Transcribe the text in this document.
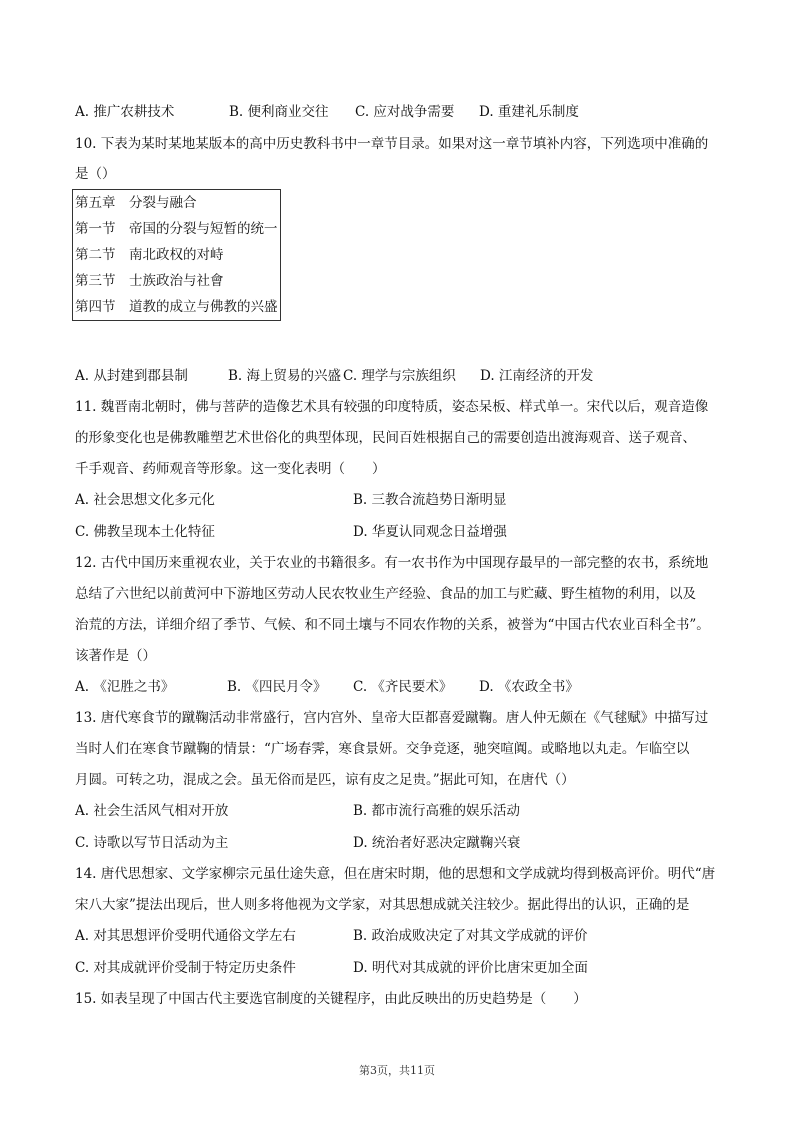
A. 推广农耕技术	B. 便利商业交往 C. 应对战争需要 D. 重建礼乐制度
10. 下表为某时某地某版本的高中历史教科书中一章节目录。如果对这一章节填补内容，下列选项中准确的
是（）
第五章　分裂与融合
第一节　帝国的分裂与短暂的统一
第二节　南北政权的对峙
第三节　士族政治与社會
第四节　道教的成立与佛教的兴盛
A. 从封建到郡县制	B. 海上贸易的兴盛 C. 理学与宗族组织 D. 江南经济的开发
11. 魏晋南北朝时，佛与菩萨的造像艺术具有较强的印度特质，姿态呆板、样式单一。宋代以后，观音造像
的形象变化也是佛教雕塑艺术世俗化的典型体现，民间百姓根据自己的需要创造出渡海观音、送子观音、
千手观音、药师观音等形象。这一变化表明（　　）
A. 社会思想文化多元化	B. 三教合流趋势日渐明显
C. 佛教呈现本土化特征	D. 华夏认同观念日益增强
12. 古代中国历来重视农业，关于农业的书籍很多。有一农书作为中国现存最早的一部完整的农书，系统地
总结了六世纪以前黄河中下游地区劳动人民农牧业生产经验、食品的加工与贮藏、野生植物的利用，以及
治荒的方法，详细介绍了季节、气候、和不同土壤与不同农作物的关系，被誉为“中国古代农业百科全书”。
该著作是（）
A. 《氾胜之书》	B. 《四民月令》 C. 《齐民要术》 D. 《农政全书》
13. 唐代寒食节的蹴鞠活动非常盛行，宫内宫外、皇帝大臣都喜爱蹴鞠。唐人仲无颇在《气毬赋》中描写过
当时人们在寒食节蹴鞠的情景：“广场春霁，寒食景妍。交争竞逐，驰突喧阗。或略地以丸走。乍临空以
月圆。可转之功，混成之会。虽无俗而是匹，谅有皮之足贵。”据此可知，在唐代（）
A. 社会生活风气相对开放	B. 都市流行高雅的娱乐活动
C. 诗歌以写节日活动为主	D. 统治者好恶决定蹴鞠兴衰
14. 唐代思想家、文学家柳宗元虽仕途失意，但在唐宋时期，他的思想和文学成就均得到极高评价。明代“唐
宋八大家”提法出现后，世人则多将他视为文学家，对其思想成就关注较少。据此得出的认识，正确的是
A. 对其思想评价受明代通俗文学左右	B. 政治成败决定了对其文学成就的评价
C. 对其成就评价受制于特定历史条件	D. 明代对其成就的评价比唐宋更加全面
15. 如表呈现了中国古代主要选官制度的关键程序，由此反映出的历史趋势是（　　）
第3页，共11页
